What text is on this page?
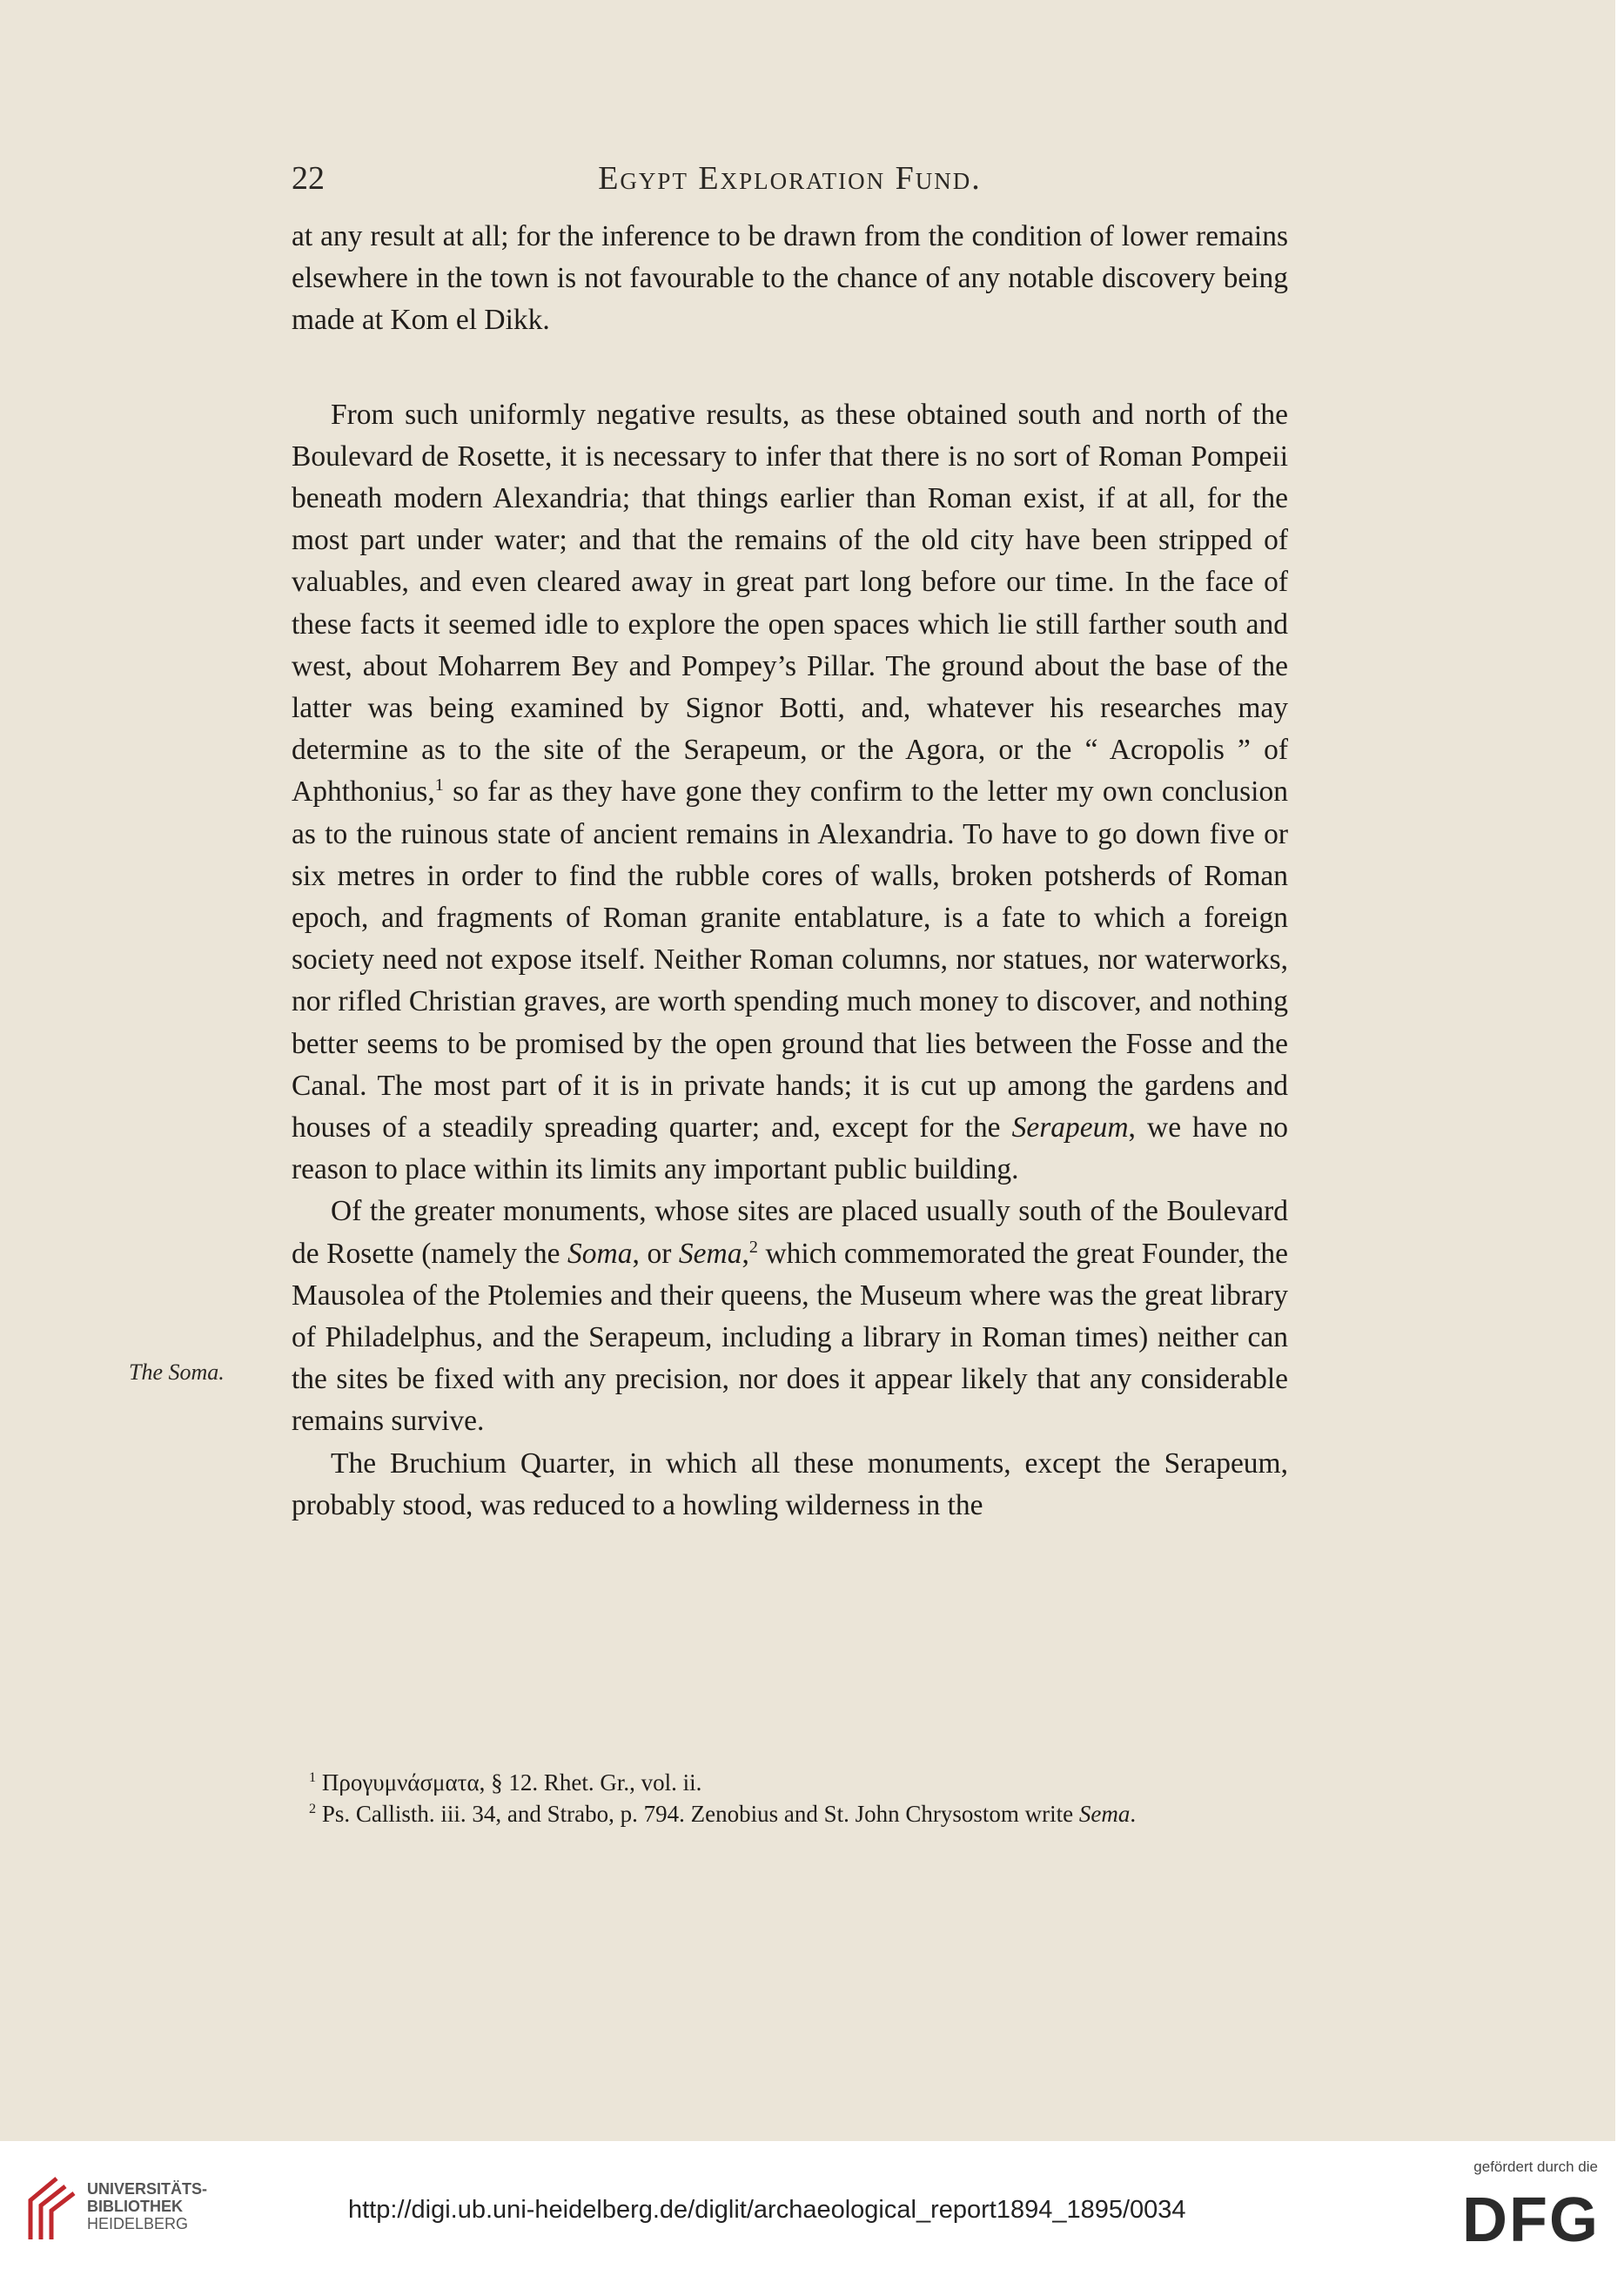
22	Egypt Exploration Fund.
The Soma.

at any result at all; for the inference to be drawn from the condition of lower remains elsewhere in the town is not favourable to the chance of any notable discovery being made at Kom el Dikk.

From such uniformly negative results, as these obtained south and north of the Boulevard de Rosette, it is necessary to infer that there is no sort of Roman Pompeii beneath modern Alexandria; that things earlier than Roman exist, if at all, for the most part under water; and that the remains of the old city have been stripped of valuables, and even cleared away in great part long before our time. In the face of these facts it seemed idle to explore the open spaces which lie still farther south and west, about Moharrem Bey and Pompey’s Pillar. The ground about the base of the latter was being examined by Signor Botti, and, whatever his researches may determine as to the site of the Serapeum, or the Agora, or the “ Acropolis ” of Aphthonius,$^1$ so far as they have gone they confirm to the letter my own conclusion as to the ruinous state of ancient remains in Alexandria. To have to go down five or six metres in order to find the rubble cores of walls, broken potsherds of Roman epoch, and fragments of Roman granite entablature, is a fate to which a foreign society need not expose itself. Neither Roman columns, nor statues, nor waterworks, nor rifled Christian graves, are worth spending much money to discover, and nothing better seems to be promised by the open ground that lies between the Fosse and the Canal. The most part of it is in private hands; it is cut up among the gardens and houses of a steadily spreading quarter; and, except for the Serapeum, we have no reason to place within its limits any important public building.

Of the greater monuments, whose sites are placed usually south of the Boulevard de Rosette (namely the Soma, or Sema,$^2$ which commemorated the great Founder, the Mausolea of the Ptolemies and their queens, the Museum where was the great library of Philadelphus, and the Serapeum, including a library in Roman times) neither can the sites be fixed with any precision, nor does it appear likely that any considerable remains survive.

The Bruchium Quarter, in which all these monuments, except the Serapeum, probably stood, was reduced to a howling wilderness in the

$^1$ Προγυμνάσματα, § 12. Rhet. Gr., vol. ii.

$^2$ Ps. Callisth. iii. 34, and Strabo, p. 794. Zenobius and St. John Chrysostom write Sema.

UNIVERSITÄTS-
BIBLIOTHEK
HEIDELBERG	http://digi.ub.uni-heidelberg.de/diglit/archaeological_report1894_1895/0034
gefördert durch die
DFG
